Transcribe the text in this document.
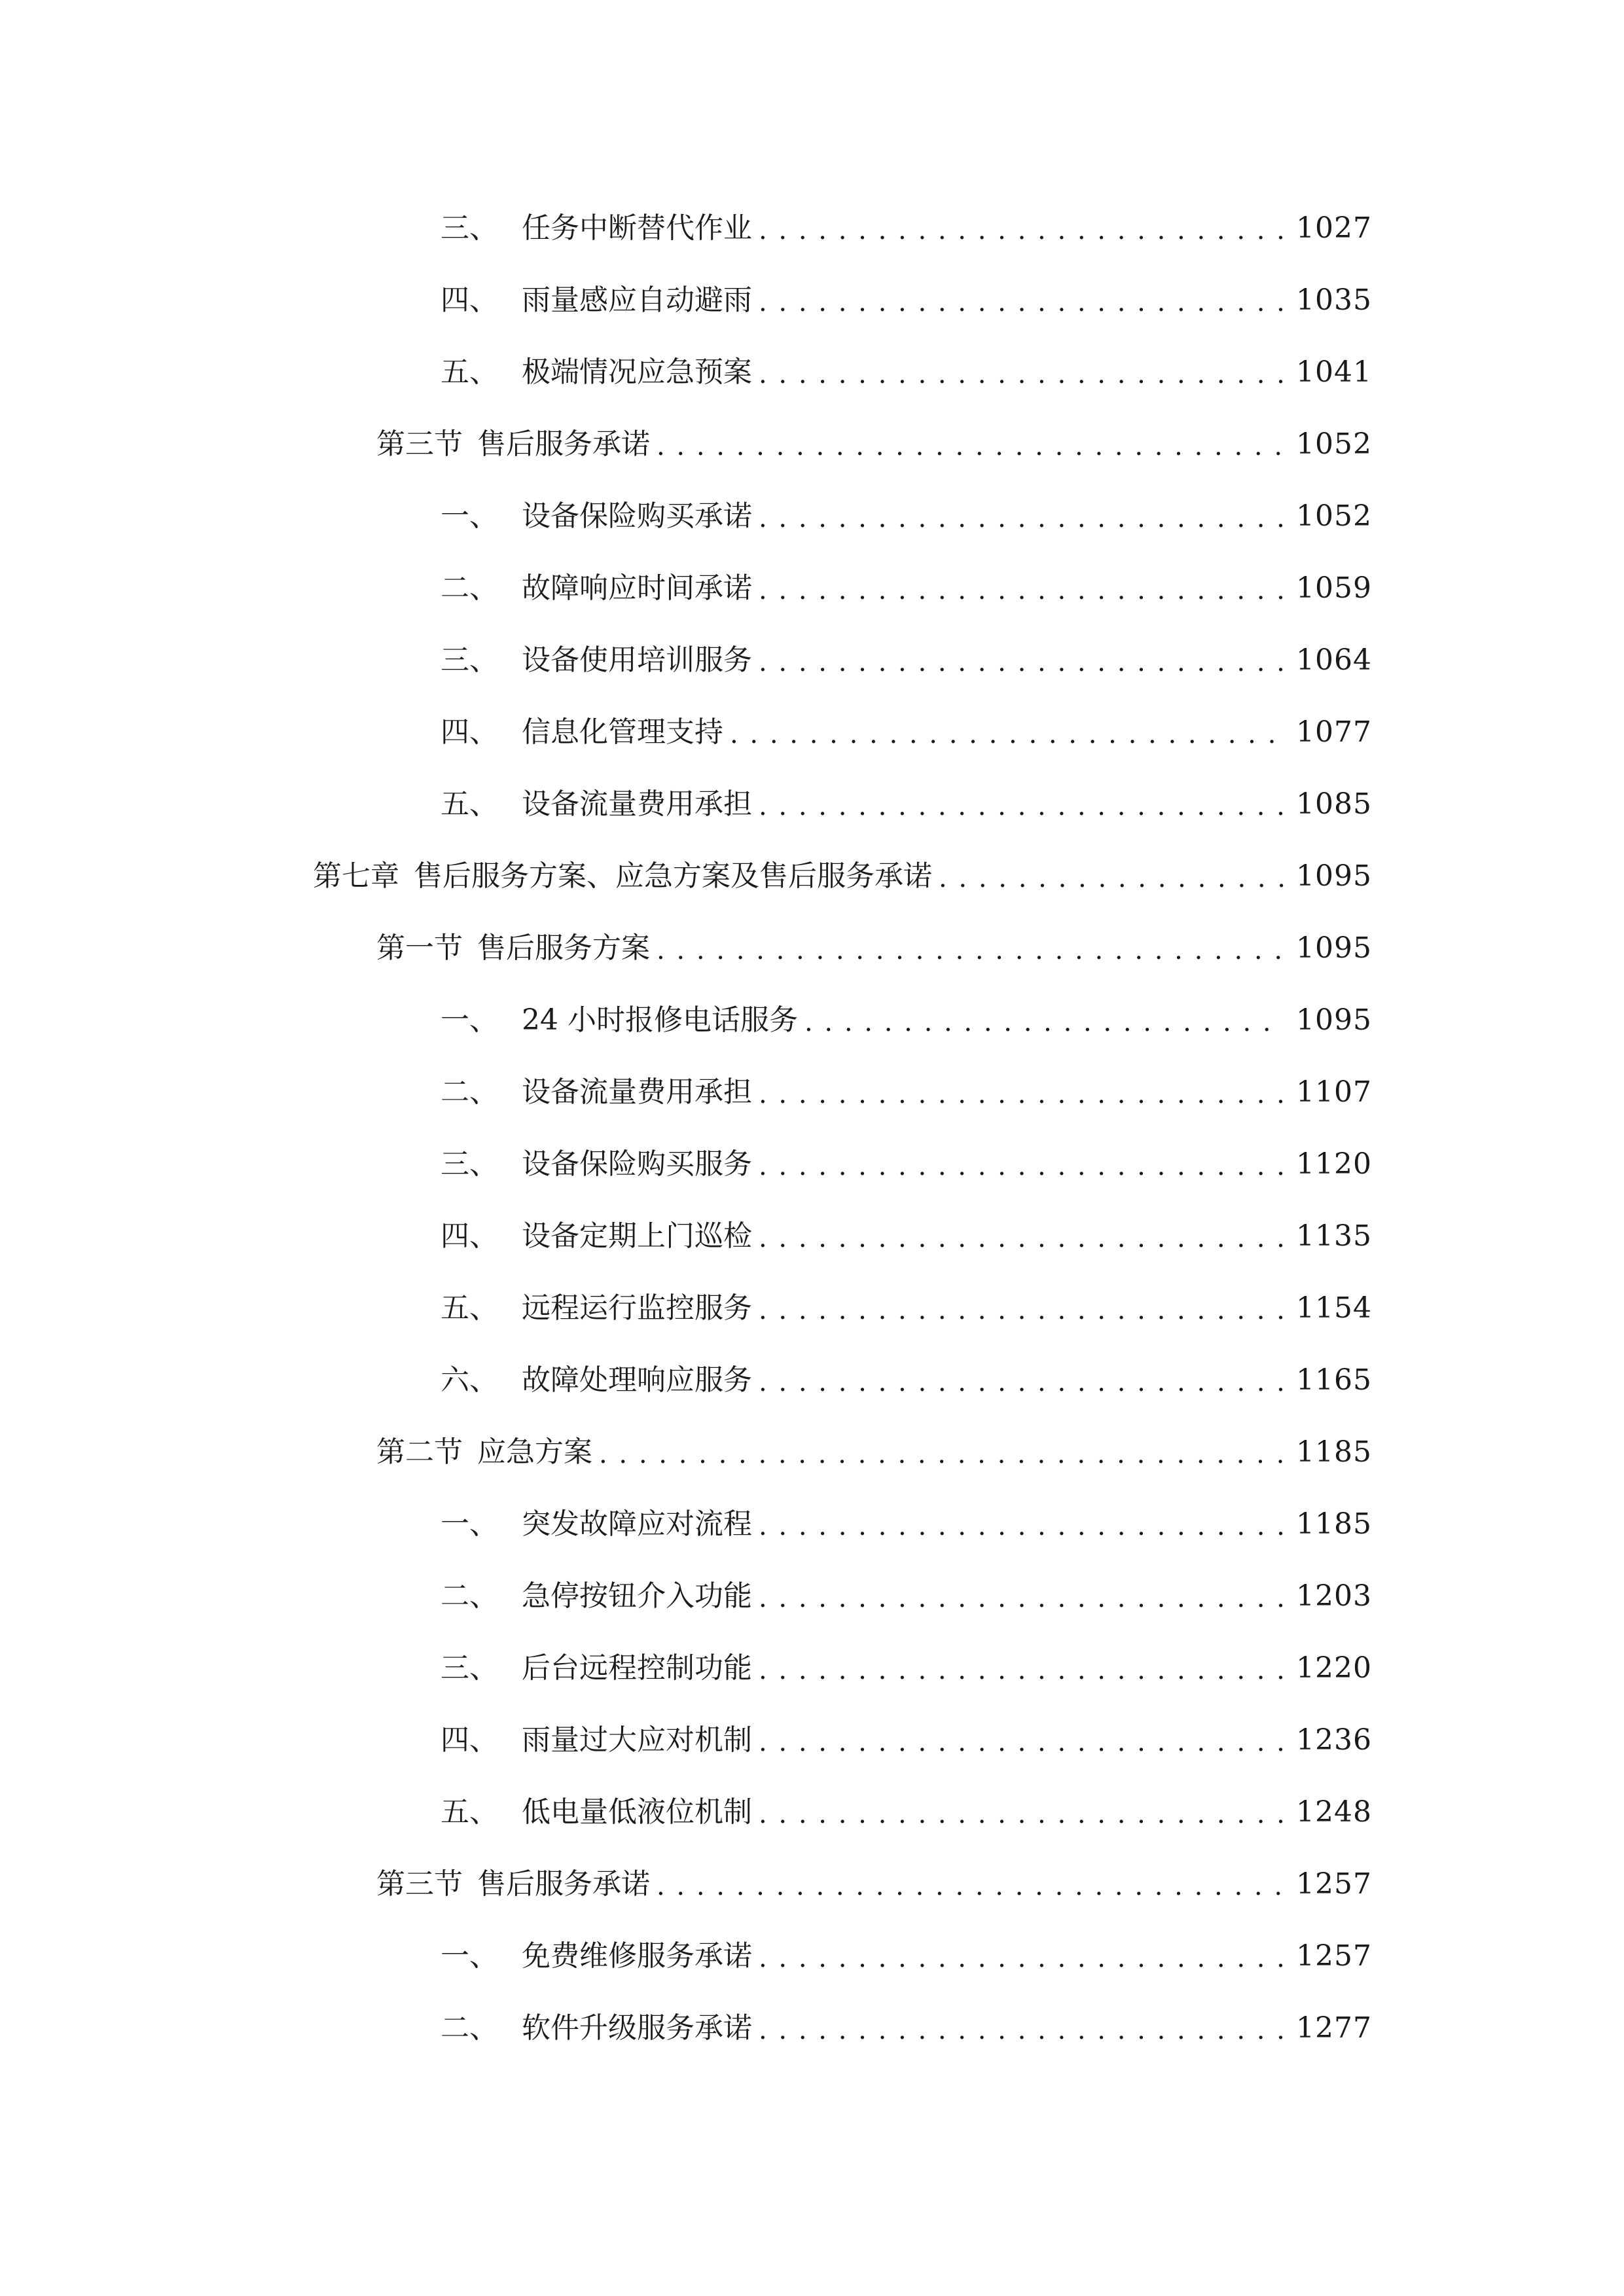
三、 任务中断替代作业 . . .	1027
四、 雨量感应自动避雨 . . .	1035
五、 极端情况应急预案 . . .	1041
第三节 售后服务承诺 . . .	1052
一、 设备保险购买承诺 . . .	1052
二、 故障响应时间承诺 . . .	1059
三、 设备使用培训服务 . . .	1064
四、 信息化管理支持 . . .	1077
五、 设备流量费用承担 . . .	1085
第七章 售后服务方案、应急方案及售后服务承诺 . . .	1095
第一节 售后服务方案 . . .	1095
一、 24 小时报修电话服务 . . .	1095
二、 设备流量费用承担 . . .	1107
三、 设备保险购买服务 . . .	1120
四、 设备定期上门巡检 . . .	1135
五、 远程运行监控服务 . . .	1154
六、 故障处理响应服务 . . .	1165
第二节 应急方案 . . .	1185
一、 突发故障应对流程 . . .	1185
二、 急停按钮介入功能 . . .	1203
三、 后台远程控制功能 . . .	1220
四、 雨量过大应对机制 . . .	1236
五、 低电量低液位机制 . . .	1248
第三节 售后服务承诺 . . .	1257
一、 免费维修服务承诺 . . .	1257
二、 软件升级服务承诺 . . .	1277
